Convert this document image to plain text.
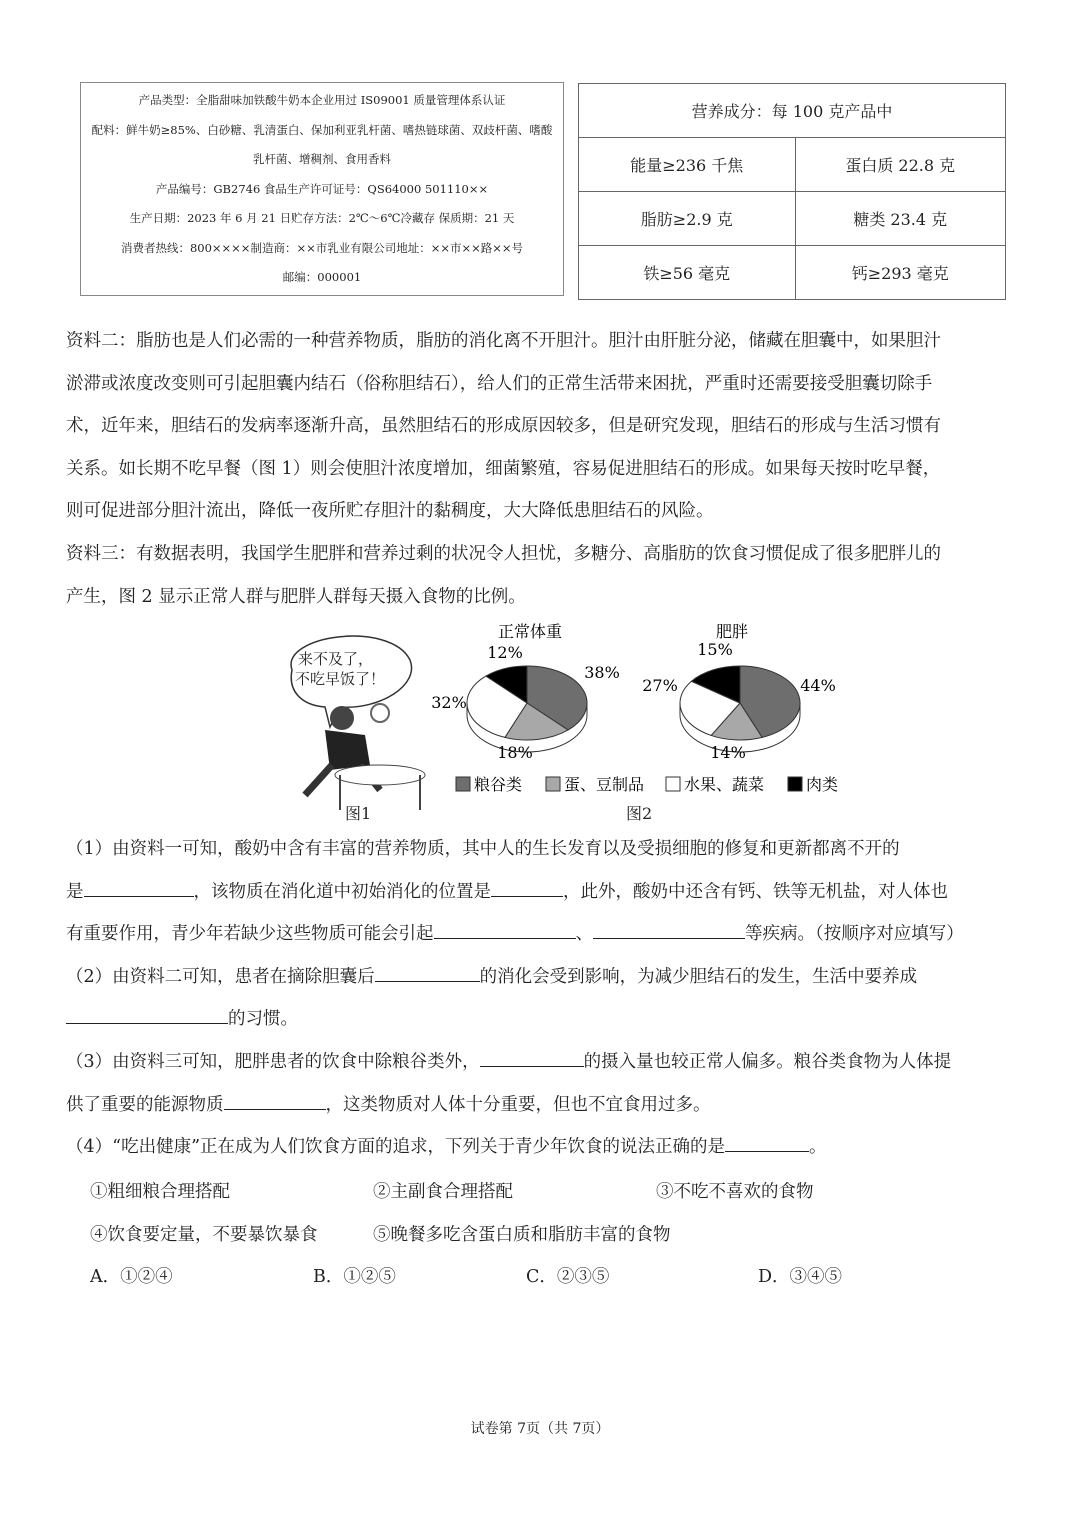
产品类型：全脂甜味加铁酸牛奶本企业用过 IS09001 质量管理体系认证
配料：鲜牛奶≥85%、白砂糖、乳清蛋白、保加利亚乳杆菌、嗜热链球菌、双歧杆菌、嗜酸
乳杆菌、增稠剂、食用香料
产品编号：GB2746 食品生产许可证号：QS64000 501110××
生产日期：2023 年 6 月 21 日贮存方法：2℃～6℃冷藏存 保质期：21 天
消费者热线：800××××制造商：××市乳业有限公司地址：××市××路××号
邮编：000001
营养成分：每 100 克产品中	
能量≥236 千焦	蛋白质 22.8 克
脂肪≥2.9 克	糖类 23.4 克
铁≥56 毫克	钙≥293 毫克
资料二：脂肪也是人们必需的一种营养物质，脂肪的消化离不开胆汁。胆汁由肝脏分泌，储藏在胆囊中，如果胆汁
淤滞或浓度改变则可引起胆囊内结石（俗称胆结石），给人们的正常生活带来困扰，严重时还需要接受胆囊切除手
术，近年来，胆结石的发病率逐渐升高，虽然胆结石的形成原因较多，但是研究发现，胆结石的形成与生活习惯有
关系。如长期不吃早餐（图 1）则会使胆汁浓度增加，细菌繁殖，容易促进胆结石的形成。如果每天按时吃早餐，
则可促进部分胆汁流出，降低一夜所贮存胆汁的黏稠度，大大降低患胆结石的风险。
资料三：有数据表明，我国学生肥胖和营养过剩的状况令人担忧，多糖分、高脂肪的饮食习惯促成了很多肥胖儿的
产生，图 2 显示正常人群与肥胖人群每天摄入食物的比例。
来不及了，
不吃早饭了！
图1
38%
18%
32%
12%
正常体重
44%
14%
27%
15%
肥胖
粮谷类	蛋、豆制品 水果、蔬菜	肉类
图2
（1）由资料一可知，酸奶中含有丰富的营养物质，其中人的生长发育以及受损细胞的修复和更新都离不开的
是	，该物质在消化道中初始消化的位置是	，此外，酸奶中还含有钙、铁等无机盐，对人体也
有重要作用，青少年若缺少这些物质可能会引起	、	等疾病。（按顺序对应填写）
（2）由资料二可知，患者在摘除胆囊后	的消化会受到影响，为减少胆结石的发生，生活中要养成
的习惯。
（3）由资料三可知，肥胖患者的饮食中除粮谷类外，	的摄入量也较正常人偏多。粮谷类食物为人体提
供了重要的能源物质	，这类物质对人体十分重要，但也不宜食用过多。
（4）“吃出健康”正在成为人们饮食方面的追求，下列关于青少年饮食的说法正确的是	。
①粗细粮合理搭配	②主副食合理搭配	③不吃不喜欢的食物
④饮食要定量，不要暴饮暴食	⑤晚餐多吃含蛋白质和脂肪丰富的食物
A．①②④	B．①②⑤	C．②③⑤	D．③④⑤
试卷第 7页（共 7页）
